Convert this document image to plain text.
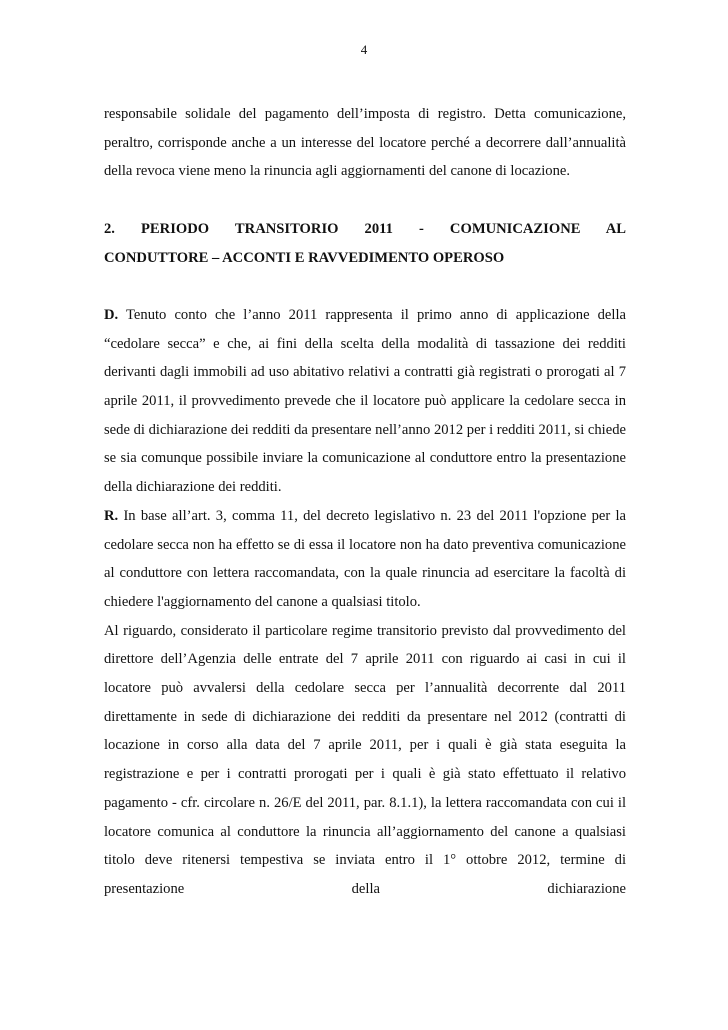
4

responsabile solidale del pagamento dell’imposta di registro. Detta comunicazione, peraltro, corrisponde anche a un interesse del locatore perché a decorrere dall’annualità della revoca viene meno la rinuncia agli aggiornamenti del canone di locazione.

2. PERIODO TRANSITORIO 2011 - COMUNICAZIONE AL
CONDUTTORE – ACCONTI E RAVVEDIMENTO OPEROSO

D. Tenuto conto che l’anno 2011 rappresenta il primo anno di applicazione della “cedolare secca” e che, ai fini della scelta della modalità di tassazione dei redditi derivanti dagli immobili ad uso abitativo relativi a contratti già registrati o prorogati al 7 aprile 2011, il provvedimento prevede che il locatore può applicare la cedolare secca in sede di dichiarazione dei redditi da presentare nell’anno 2012 per i redditi 2011, si chiede se sia comunque possibile inviare la comunicazione al conduttore entro la presentazione della dichiarazione dei redditi.

R. In base all’art. 3, comma 11, del decreto legislativo n. 23 del 2011 l'opzione per la cedolare secca non ha effetto se di essa il locatore non ha dato preventiva comunicazione al conduttore con lettera raccomandata, con la quale rinuncia ad esercitare la facoltà di chiedere l'aggiornamento del canone a qualsiasi titolo.

Al riguardo, considerato il particolare regime transitorio previsto dal provvedimento del direttore dell’Agenzia delle entrate del 7 aprile 2011 con riguardo ai casi in cui il locatore può avvalersi della cedolare secca per l’annualità decorrente dal 2011 direttamente in sede di dichiarazione dei redditi da presentare nel 2012 (contratti di locazione in corso alla data del 7 aprile 2011, per i quali è già stata eseguita la registrazione e per i contratti prorogati per i quali è già stato effettuato il relativo pagamento - cfr. circolare n. 26/E del 2011, par. 8.1.1), la lettera raccomandata con cui il locatore comunica al conduttore la rinuncia all’aggiornamento del canone a qualsiasi titolo deve ritenersi tempestiva se inviata entro il 1° ottobre 2012, termine di presentazione della dichiarazione
